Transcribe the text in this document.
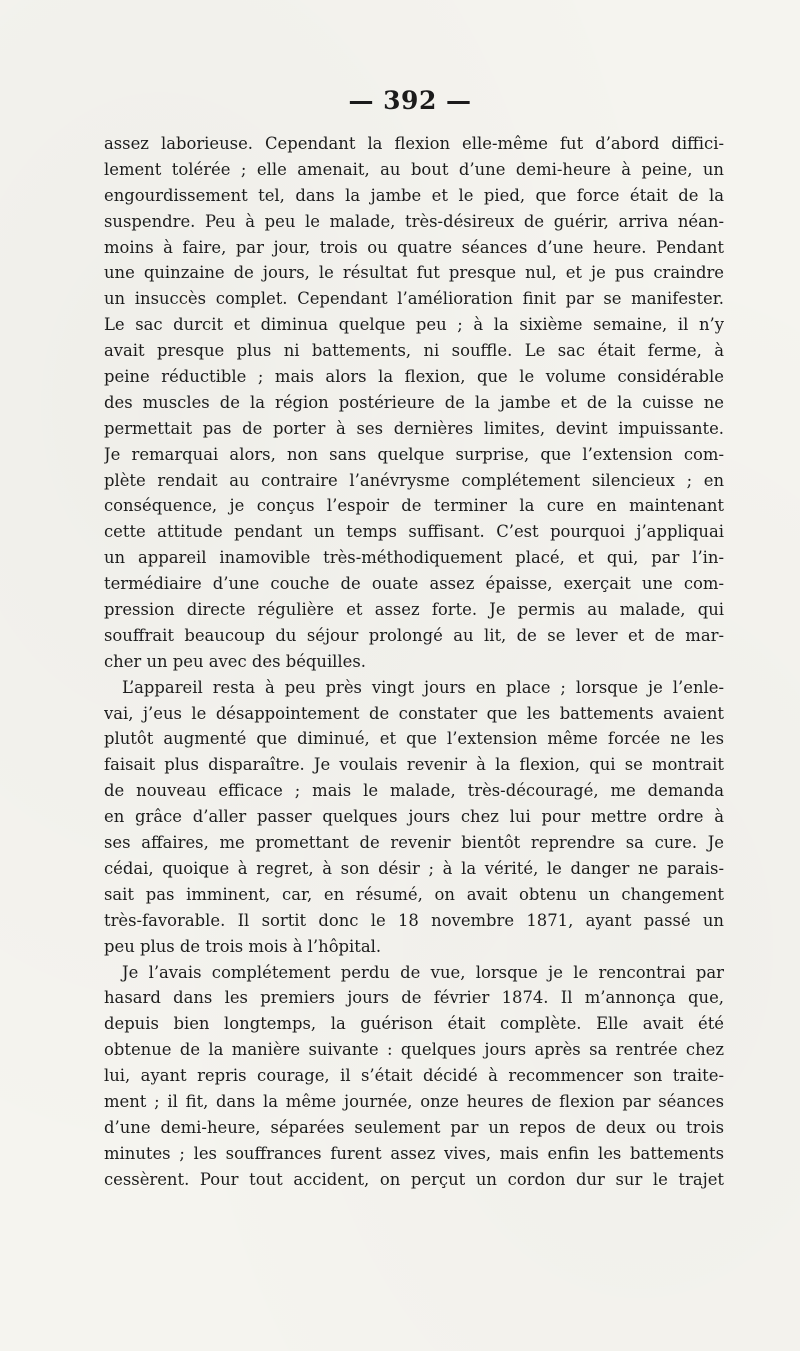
— 392 —
assez laborieuse. Cependant la flexion elle-même fut d’abord diffici-
lement tolérée ; elle amenait, au bout d’une demi-heure à peine, un
engourdissement tel, dans la jambe et le pied, que force était de la
suspendre. Peu à peu le malade, très-désireux de guérir, arriva néan-
moins à faire, par jour, trois ou quatre séances d’une heure. Pendant
une quinzaine de jours, le résultat fut presque nul, et je pus craindre
un insuccès complet. Cependant l’amélioration finit par se manifester.
Le sac durcit et diminua quelque peu ; à la sixième semaine, il n’y
avait presque plus ni battements, ni souffle. Le sac était ferme, à
peine réductible ; mais alors la flexion, que le volume considérable
des muscles de la région postérieure de la jambe et de la cuisse ne
permettait pas de porter à ses dernières limites, devint impuissante.
Je remarquai alors, non sans quelque surprise, que l’extension com-
plète rendait au contraire l’anévrysme complétement silencieux ; en
conséquence, je conçus l’espoir de terminer la cure en maintenant
cette attitude pendant un temps suffisant. C’est pourquoi j’appliquai
un appareil inamovible très-méthodiquement placé, et qui, par l’in-
termédiaire d’une couche de ouate assez épaisse, exerçait une com-
pression directe régulière et assez forte. Je permis au malade, qui
souffrait beaucoup du séjour prolongé au lit, de se lever et de mar-
cher un peu avec des béquilles.
L’appareil resta à peu près vingt jours en place ; lorsque je l’enle-
vai, j’eus le désappointement de constater que les battements avaient
plutôt augmenté que diminué, et que l’extension même forcée ne les
faisait plus disparaître. Je voulais revenir à la flexion, qui se montrait
de nouveau efficace ; mais le malade, très-découragé, me demanda
en grâce d’aller passer quelques jours chez lui pour mettre ordre à
ses affaires, me promettant de revenir bientôt reprendre sa cure. Je
cédai, quoique à regret, à son désir ; à la vérité, le danger ne parais-
sait pas imminent, car, en résumé, on avait obtenu un changement
très-favorable. Il sortit donc le 18 novembre 1871, ayant passé un
peu plus de trois mois à l’hôpital.
Je l’avais complétement perdu de vue, lorsque je le rencontrai par
hasard dans les premiers jours de février 1874. Il m’annonça que,
depuis bien longtemps, la guérison était complète. Elle avait été
obtenue de la manière suivante : quelques jours après sa rentrée chez
lui, ayant repris courage, il s’était décidé à recommencer son traite-
ment ; il fit, dans la même journée, onze heures de flexion par séances
d’une demi-heure, séparées seulement par un repos de deux ou trois
minutes ; les souffrances furent assez vives, mais enfin les battements
cessèrent. Pour tout accident, on perçut un cordon dur sur le trajet
